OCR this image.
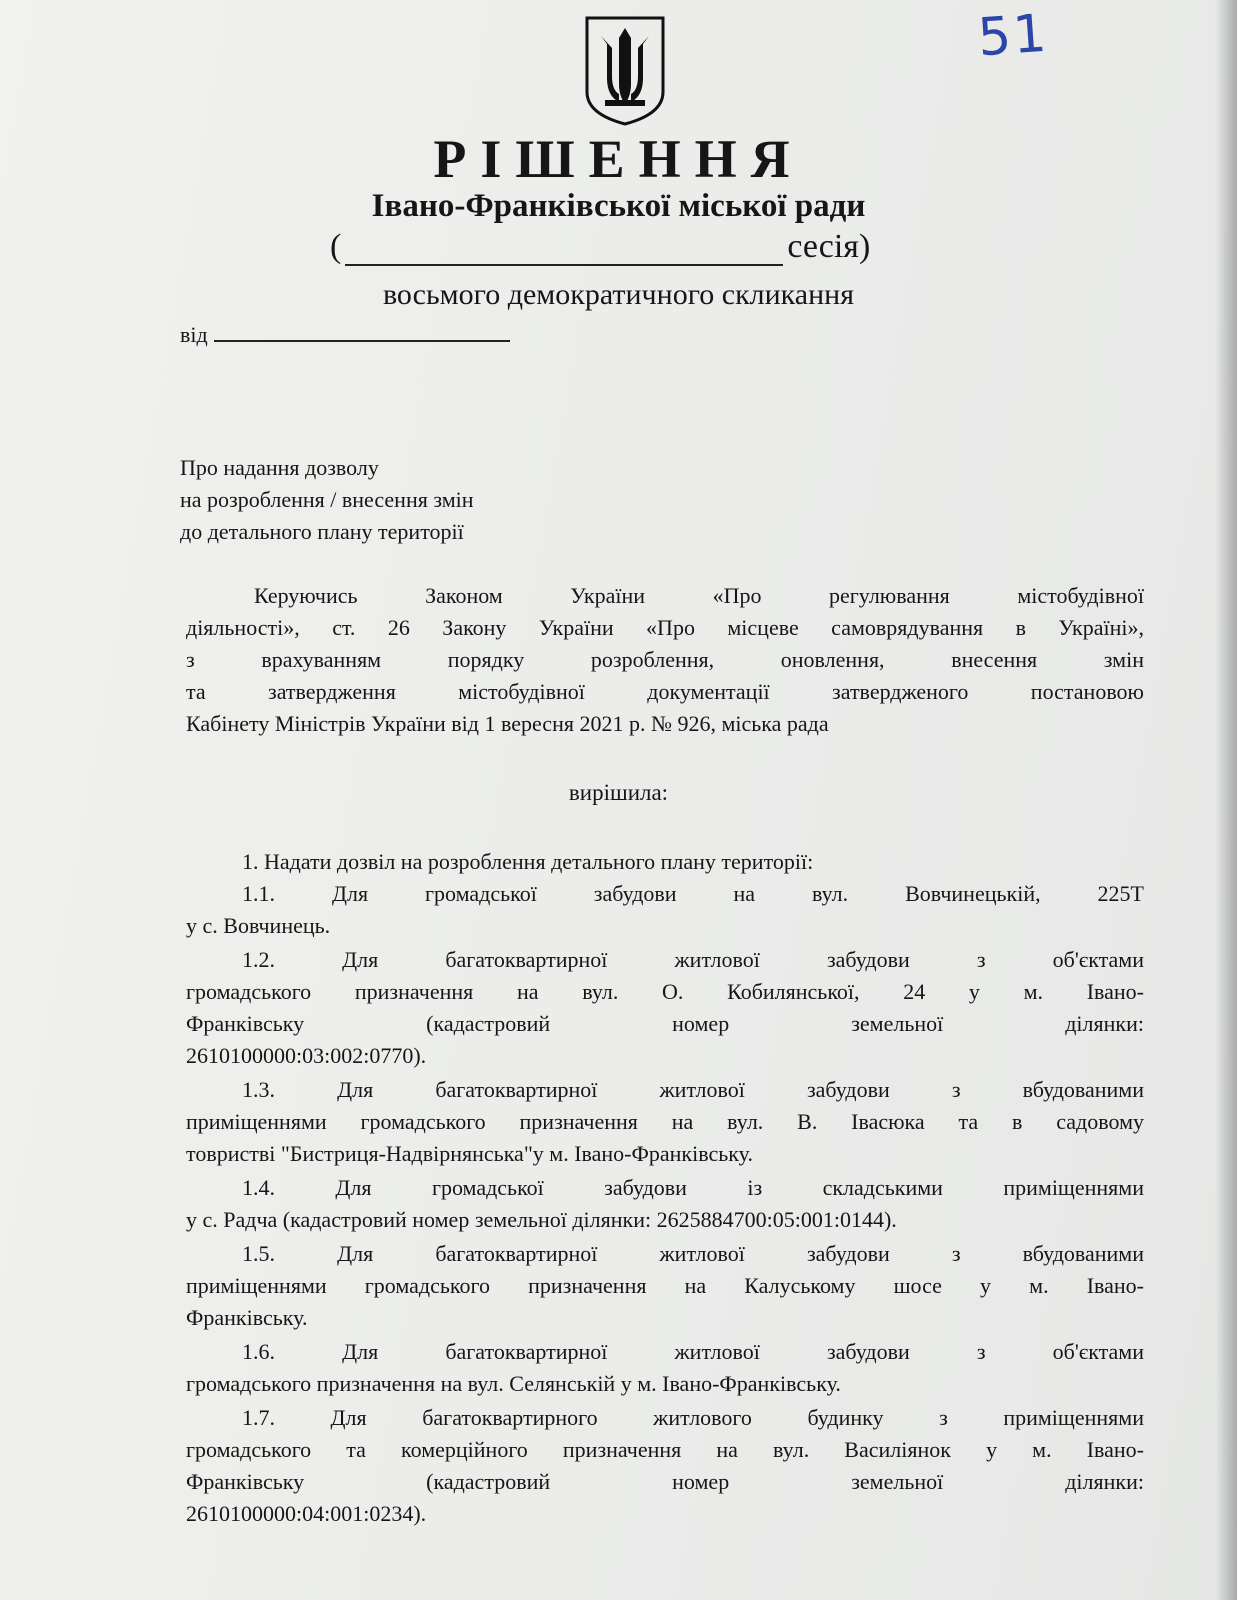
51
РІШЕННЯ
Івано-Франківської міської ради
(	сесія)
восьмого демократичного скликання
від
Про надання дозволу
на розроблення / внесення змін
до детального плану території
Керуючись Законом України «Про регулювання містобудівної
діяльності», ст. 26 Закону України «Про місцеве самоврядування в Україні»,
з врахуванням порядку розроблення, оновлення, внесення змін
та затвердження містобудівної документації затвердженого постановою
Кабінету Міністрів України від 1 вересня 2021 р. № 926, міська рада
вирішила:
1. Надати дозвіл на розроблення детального плану території:
1.1. Для громадської забудови на вул. Вовчинецькій, 225Т
у с. Вовчинець.
1.2. Для багатоквартирної житлової забудови з об'єктами
громадського призначення на вул. О. Кобилянської, 24 у м. Івано-
Франківську (кадастровий номер земельної ділянки:
2610100000:03:002:0770).
1.3. Для багатоквартирної житлової забудови з вбудованими
приміщеннями громадського призначення на вул. В. Івасюка та в садовому
товристві "Бистриця-Надвірнянська"у м. Івано-Франківську.
1.4. Для громадської забудови із складськими приміщеннями
у с. Радча (кадастровий номер земельної ділянки: 2625884700:05:001:0144).
1.5. Для багатоквартирної житлової забудови з вбудованими
приміщеннями громадського призначення на Калуському шосе у м. Івано-
Франківську.
1.6. Для багатоквартирної житлової забудови з об'єктами
громадського призначення на вул. Селянській у м. Івано-Франківську.
1.7. Для багатоквартирного житлового будинку з приміщеннями
громадського та комерційного призначення на вул. Василіянок у м. Івано-
Франківську (кадастровий номер земельної ділянки:
2610100000:04:001:0234).
